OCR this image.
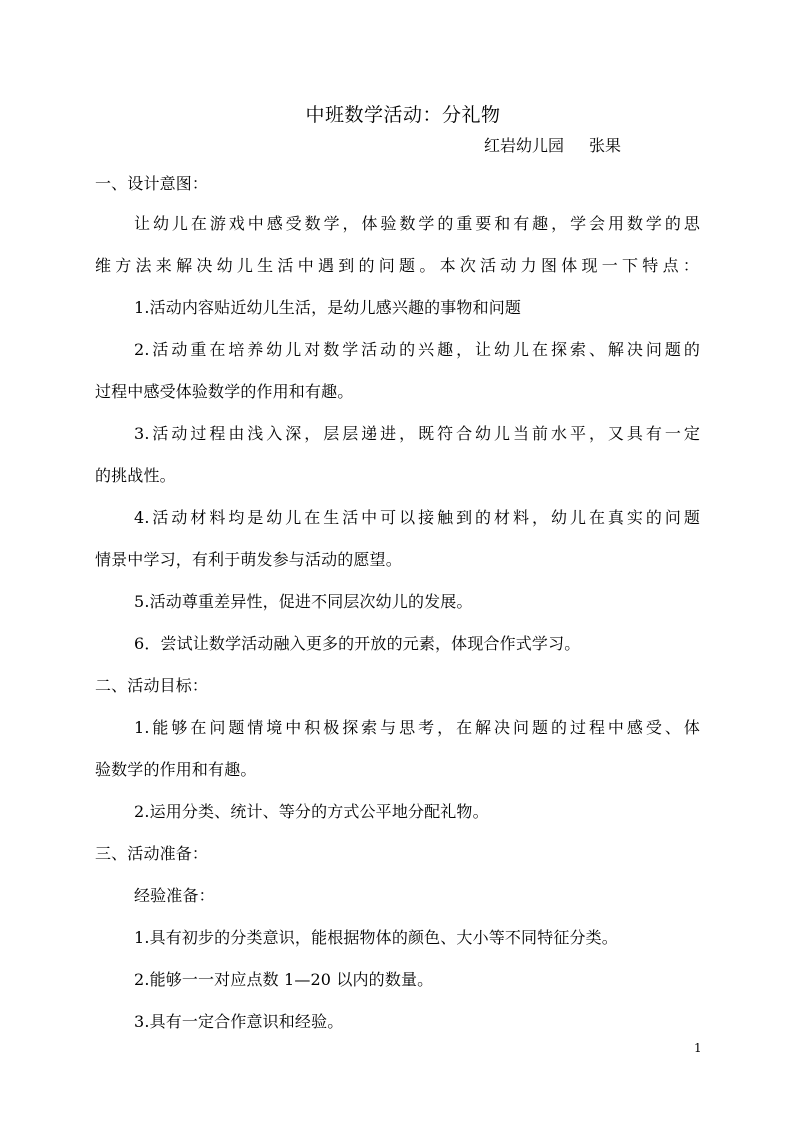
中班数学活动：分礼物
红岩幼儿园 张果
一、设计意图：
让幼儿在游戏中感受数学，体验数学的重要和有趣，学会用数学的思
维方法来解决幼儿生活中遇到的问题。本次活动力图体现一下特点：
1.活动内容贴近幼儿生活，是幼儿感兴趣的事物和问题
2.活动重在培养幼儿对数学活动的兴趣，让幼儿在探索、解决问题的
过程中感受体验数学的作用和有趣。
3.活动过程由浅入深，层层递进，既符合幼儿当前水平，又具有一定
的挑战性。
4.活动材料均是幼儿在生活中可以接触到的材料，幼儿在真实的问题
情景中学习，有利于萌发参与活动的愿望。
5.活动尊重差异性，促进不同层次幼儿的发展。
6．尝试让数学活动融入更多的开放的元素，体现合作式学习。
二、活动目标：
1.能够在问题情境中积极探索与思考，在解决问题的过程中感受、体
验数学的作用和有趣。
2.运用分类、统计、等分的方式公平地分配礼物。
三、活动准备：
经验准备：
1.具有初步的分类意识，能根据物体的颜色、大小等不同特征分类。
2.能够一一对应点数 1—20 以内的数量。
3.具有一定合作意识和经验。
1
